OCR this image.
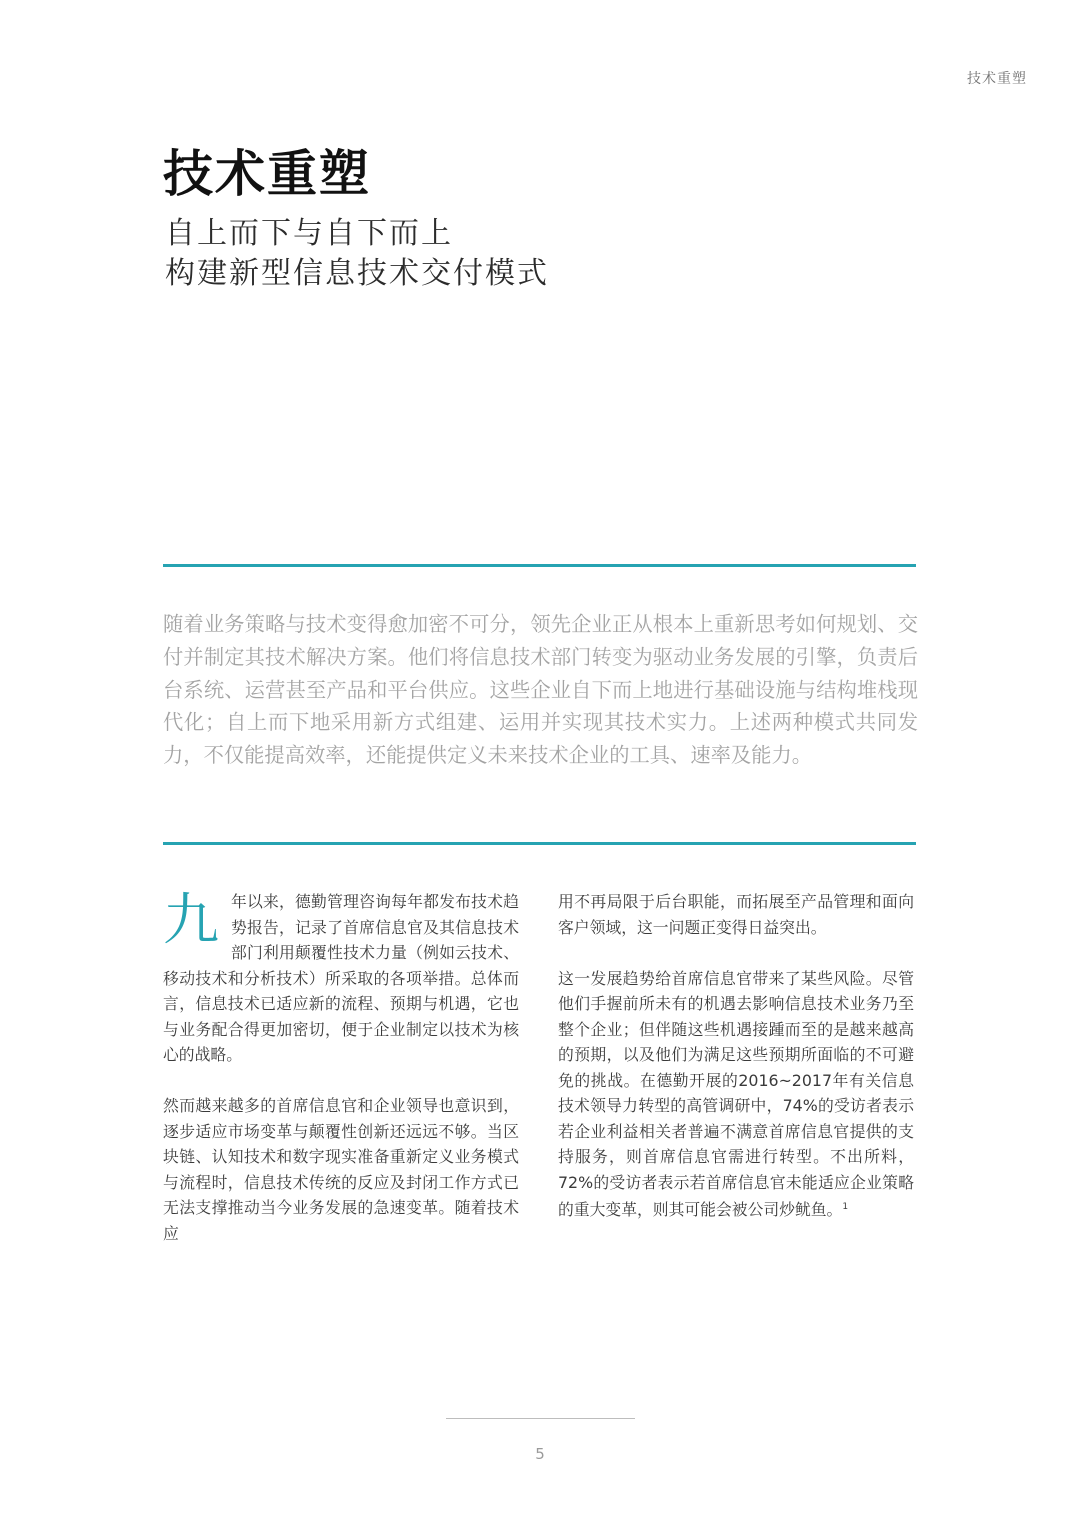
技术重塑
技术重塑
自上而下与自下而上
构建新型信息技术交付模式

随着业务策略与技术变得愈加密不可分，领先企业正从根本上重新思考如何规划、交付并制定其技术解决方案。他们将信息技术部门转变为驱动业务发展的引擎，负责后台系统、运营甚至产品和平台供应。这些企业自下而上地进行基础设施与结构堆栈现代化；自上而下地采用新方式组建、运用并实现其技术实力。上述两种模式共同发力，不仅能提高效率，还能提供定义未来技术企业的工具、速率及能力。

九年以来，德勤管理咨询每年都发布技术趋势报告，记录了首席信息官及其信息技术部门利用颠覆性技术力量（例如云技术、移动技术和分析技术）所采取的各项举措。总体而言，信息技术已适应新的流程、预期与机遇，它也与业务配合得更加密切，便于企业制定以技术为核心的战略。

然而越来越多的首席信息官和企业领导也意识到，逐步适应市场变革与颠覆性创新还远远不够。当区块链、认知技术和数字现实准备重新定义业务模式与流程时，信息技术传统的反应及封闭工作方式已无法支撑推动当今业务发展的急速变革。随着技术应

用不再局限于后台职能，而拓展至产品管理和面向客户领域，这一问题正变得日益突出。

这一发展趋势给首席信息官带来了某些风险。尽管他们手握前所未有的机遇去影响信息技术业务乃至整个企业；但伴随这些机遇接踵而至的是越来越高的预期，以及他们为满足这些预期所面临的不可避免的挑战。在德勤开展的2016~2017年有关信息技术领导力转型的高管调研中，74%的受访者表示若企业利益相关者普遍不满意首席信息官提供的支持服务，则首席信息官需进行转型。不出所料，72%的受访者表示若首席信息官未能适应企业策略的重大变革，则其可能会被公司炒鱿鱼。$^1$

5
